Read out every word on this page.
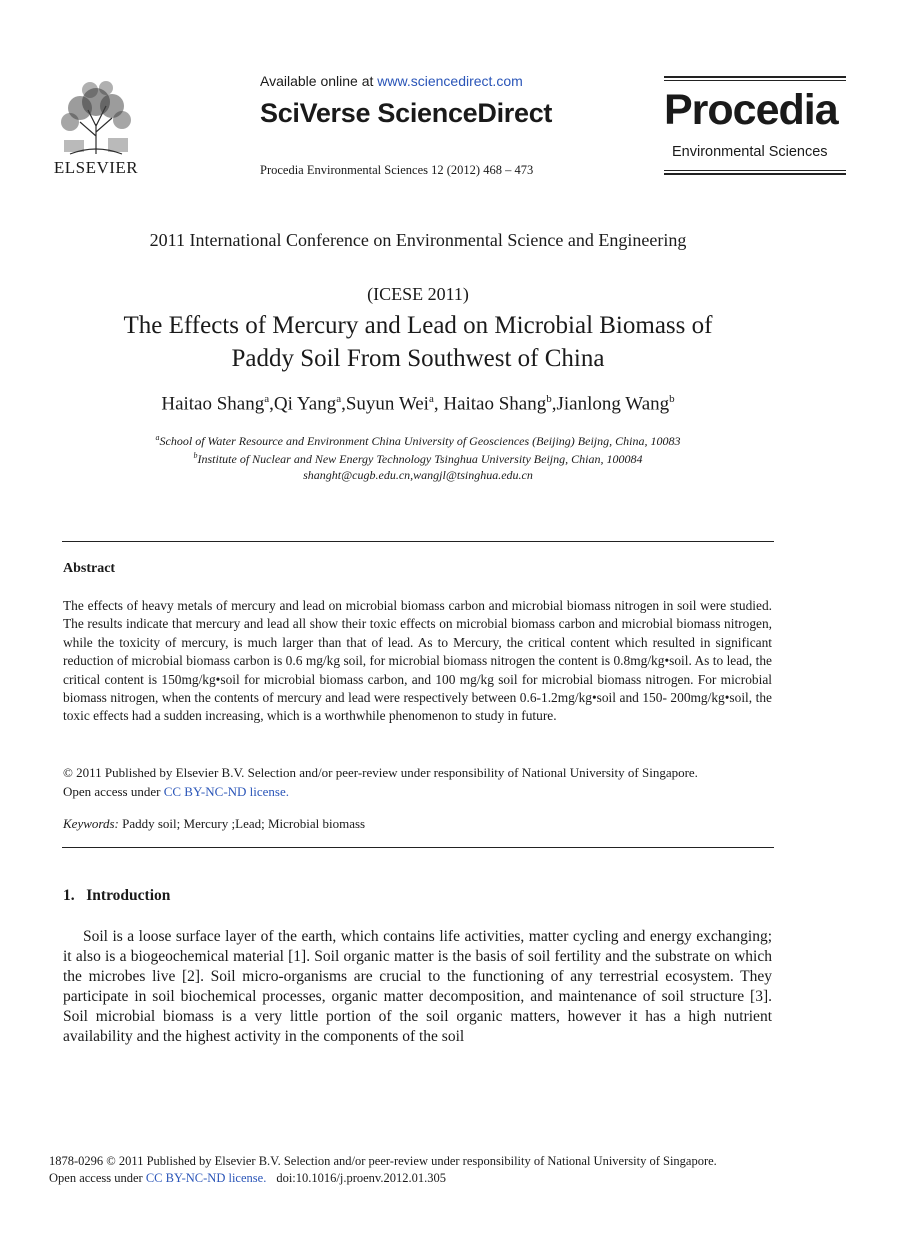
ELSEVIER
Available online at www.sciencedirect.com
SciVerse ScienceDirect
Procedia Environmental Sciences 12 (2012) 468 – 473
Procedia
Environmental Sciences
2011 International Conference on Environmental Science and Engineering
(ICESE 2011)
The Effects of Mercury and Lead on Microbial Biomass of
Paddy Soil From Southwest of China
Haitao Shang$^a$,Qi Yang$^a$,Suyun Wei$^a$, Haitao Shang$^b$,Jianlong Wang$^b$
$^a$School of Water Resource and Environment China University of Geosciences (Beijing) Beijng, China, 10083
$^b$Institute of Nuclear and New Energy Technology Tsinghua University Beijng, Chian, 100084
shanght@cugb.edu.cn,wangjl@tsinghua.edu.cn
Abstract
The effects of heavy metals of mercury and lead on microbial biomass carbon and microbial biomass nitrogen in soil were studied. The results indicate that mercury and lead all show their toxic effects on microbial biomass carbon and microbial biomass nitrogen, while the toxicity of mercury, is much larger than that of lead. As to Mercury, the critical content which resulted in significant reduction of microbial biomass carbon is 0.6 mg/kg soil, for microbial biomass nitrogen the content is 0.8mg/kg•soil. As to lead, the critical content is 150mg/kg•soil for microbial biomass carbon, and 100 mg/kg soil for microbial biomass nitrogen. For microbial biomass nitrogen, when the contents of mercury and lead were respectively between 0.6-1.2mg/kg•soil and 150- 200mg/kg•soil, the toxic effects had a sudden increasing, which is a worthwhile phenomenon to study in future.
© 2011 Published by Elsevier B.V. Selection and/or peer-review under responsibility of National University of Singapore.
Open access under CC BY-NC-ND license.
Keywords: Paddy soil; Mercury ;Lead; Microbial biomass
1.   Introduction
Soil is a loose surface layer of the earth, which contains life activities, matter cycling and energy exchanging; it also is a biogeochemical material [1]. Soil organic matter is the basis of soil fertility and the substrate on which the microbes live [2]. Soil micro-organisms are crucial to the functioning of any terrestrial ecosystem. They participate in soil biochemical processes, organic matter decomposition, and maintenance of soil structure [3]. Soil microbial biomass is a very little portion of the soil organic matters, however it has a high nutrient availability and the highest activity in the components of the soil
1878-0296 © 2011 Published by Elsevier B.V. Selection and/or peer-review under responsibility of National University of Singapore.
Open access under CC BY-NC-ND license. doi:10.1016/j.proenv.2012.01.305
